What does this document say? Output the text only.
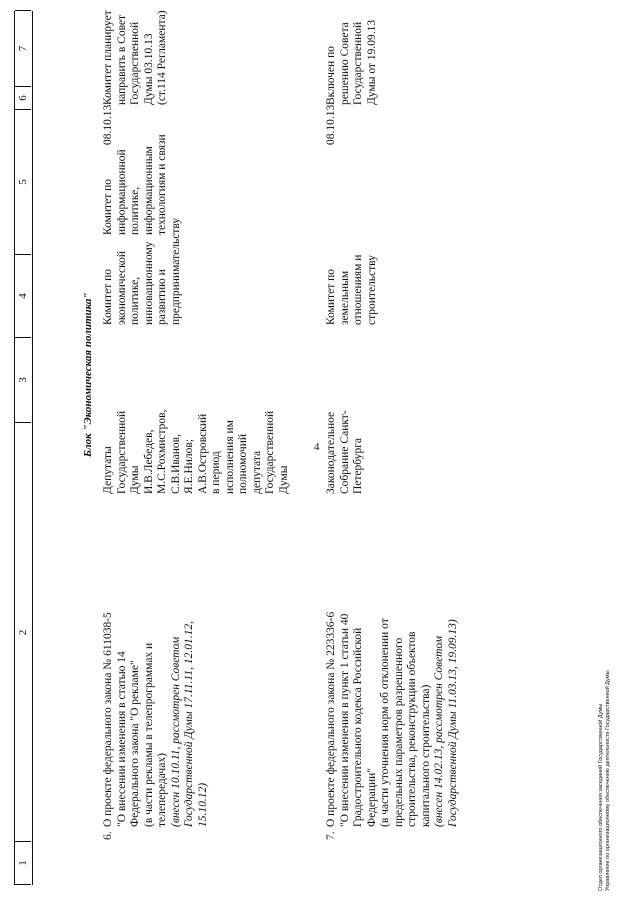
4
1
2
3
4
5
6
7
Блок "Экономическая политика"
6.
О проекте федерального закона № 611038-5 "О внесении изменения в статью 14 Федерального закона "О рекламе" (в части рекламы в телепрограммах и телепередачах) (внесен 10.10.11, рассмотрен Советом Государственной Думы 17.11.11, 12.01.12, 15.10.12)
Депутаты Государственной Думы И.В.Лебедев, М.С.Рохмистров, С.В.Иванов, Я.Е.Нилов; А.В.Островский в период исполнения им полномочий депутата Государственной Думы
Комитет по экономической политике, инновационному развитию и предпринимательству
Комитет по информационной политике, информационным технологиям и связи
08.10.13
Комитет планирует направить в Совет Государственной Думы 03.10.13 (ст.114 Регламента)
7.
О проекте федерального закона № 223336-6 "О внесении изменения в пункт 1 статьи 40 Градостроительного кодекса Российской Федерации" (в части уточнения норм об отклонении от предельных параметров разрешенного строительства, реконструкции объектов капитального строительства) (внесен 14.02.13, рассмотрен Советом Государственной Думы 11.03.13, 19.09.13)
Законодательное Собрание Санкт- Петербурга
Комитет по земельным отношениям и строительству
08.10.13
Включен по решению Совета Государственной Думы от 19.09.13
Отдел организационного обеспечения заседаний Государственной Думы Управление по организационному обеспечению деятельности Государственной Думы
